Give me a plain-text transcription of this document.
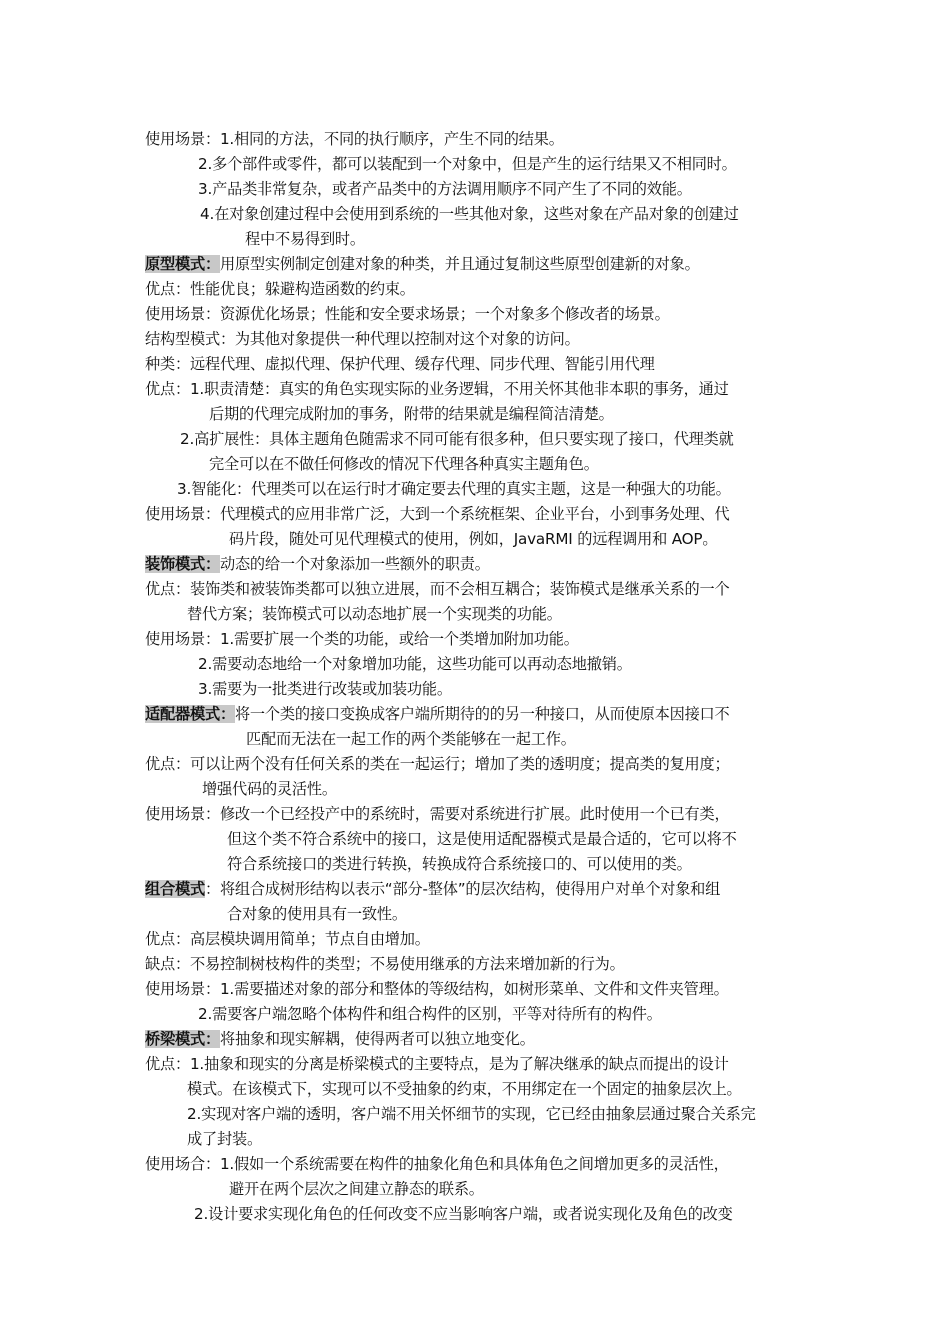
使用场景：1.相同的方法，不同的执行顺序，产生不同的结果。
2.多个部件或零件，都可以装配到一个对象中，但是产生的运行结果又不相同时。
3.产品类非常复杂，或者产品类中的方法调用顺序不同产生了不同的效能。
4.在对象创建过程中会使用到系统的一些其他对象，这些对象在产品对象的创建过
程中不易得到时。
原型模式：用原型实例制定创建对象的种类，并且通过复制这些原型创建新的对象。
优点：性能优良；躲避构造函数的约束。
使用场景：资源优化场景；性能和安全要求场景；一个对象多个修改者的场景。
结构型模式：为其他对象提供一种代理以控制对这个对象的访问。
种类：远程代理、虚拟代理、保护代理、缓存代理、同步代理、智能引用代理
优点：1.职责清楚：真实的角色实现实际的业务逻辑，不用关怀其他非本职的事务，通过
后期的代理完成附加的事务，附带的结果就是编程简洁清楚。
2.高扩展性：具体主题角色随需求不同可能有很多种，但只要实现了接口，代理类就
完全可以在不做任何修改的情况下代理各种真实主题角色。
3.智能化：代理类可以在运行时才确定要去代理的真实主题，这是一种强大的功能。
使用场景：代理模式的应用非常广泛，大到一个系统框架、企业平台，小到事务处理、代
码片段，随处可见代理模式的使用，例如，JavaRMI 的远程调用和 AOP。
装饰模式：动态的给一个对象添加一些额外的职责。
优点：装饰类和被装饰类都可以独立进展，而不会相互耦合；装饰模式是继承关系的一个
替代方案；装饰模式可以动态地扩展一个实现类的功能。
使用场景：1.需要扩展一个类的功能，或给一个类增加附加功能。
2.需要动态地给一个对象增加功能，这些功能可以再动态地撤销。
3.需要为一批类进行改装或加装功能。
适配器模式：将一个类的接口变换成客户端所期待的的另一种接口，从而使原本因接口不
匹配而无法在一起工作的两个类能够在一起工作。
优点：可以让两个没有任何关系的类在一起运行；增加了类的透明度；提高类的复用度；
增强代码的灵活性。
使用场景：修改一个已经投产中的系统时，需要对系统进行扩展。此时使用一个已有类，
但这个类不符合系统中的接口，这是使用适配器模式是最合适的，它可以将不
符合系统接口的类进行转换，转换成符合系统接口的、可以使用的类。
组合模式：将组合成树形结构以表示“部分-整体”的层次结构，使得用户对单个对象和组
合对象的使用具有一致性。
优点：高层模块调用简单；节点自由增加。
缺点：不易控制树枝构件的类型；不易使用继承的方法来增加新的行为。
使用场景：1.需要描述对象的部分和整体的等级结构，如树形菜单、文件和文件夹管理。
2.需要客户端忽略个体构件和组合构件的区别，平等对待所有的构件。
桥梁模式：将抽象和现实解耦，使得两者可以独立地变化。
优点：1.抽象和现实的分离是桥梁模式的主要特点，是为了解决继承的缺点而提出的设计
模式。在该模式下，实现可以不受抽象的约束，不用绑定在一个固定的抽象层次上。
2.实现对客户端的透明，客户端不用关怀细节的实现，它已经由抽象层通过聚合关系完
成了封装。
使用场合：1.假如一个系统需要在构件的抽象化角色和具体角色之间增加更多的灵活性，
避开在两个层次之间建立静态的联系。
2.设计要求实现化角色的任何改变不应当影响客户端，或者说实现化及角色的改变
